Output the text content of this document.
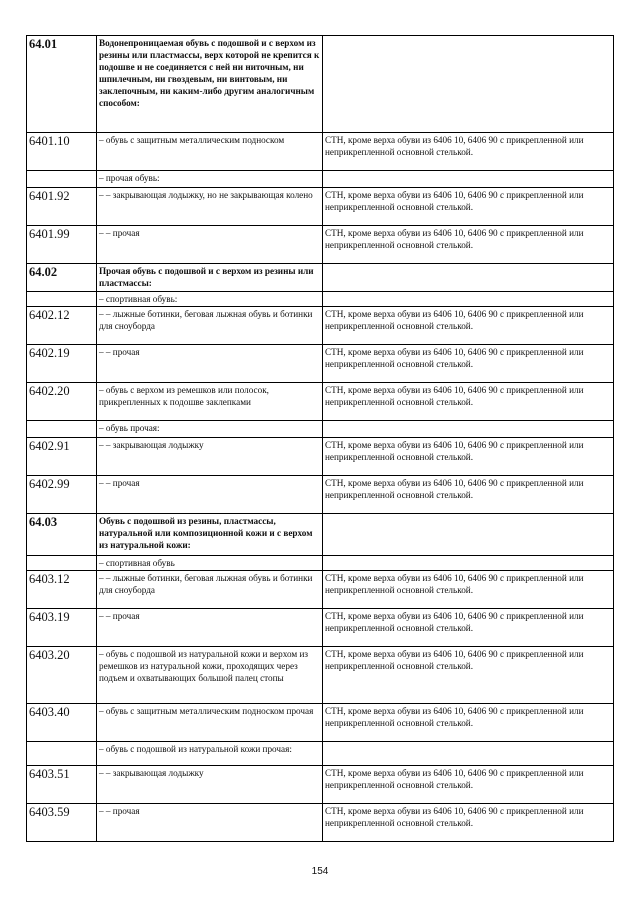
64.01	Водонепроницаемая обувь с подошвой и с верхом из резины или пластмассы, верх которой не крепится к подошве и не соединяется с ней ни ниточным, ни шпилечным, ни гвоздевым, ни винтовым, ни заклепочным, ни каким-либо другим аналогичным способом:	
6401.10	– обувь с защитным металлическим подноском	СТН, кроме верха обуви из 6406 10, 6406 90 с прикрепленной или неприкрепленной основной стелькой.
	– прочая обувь:	
6401.92	– – закрывающая лодыжку, но не закрывающая колено	СТН, кроме верха обуви из 6406 10, 6406 90 с прикрепленной или неприкрепленной основной стелькой.
6401.99	– – прочая	СТН, кроме верха обуви из 6406 10, 6406 90 с прикрепленной или неприкрепленной основной стелькой.
64.02	Прочая обувь с подошвой и с верхом из резины или пластмассы:	
	– спортивная обувь:	
6402.12	– – лыжные ботинки, беговая лыжная обувь и ботинки для сноуборда	СТН, кроме верха обуви из 6406 10, 6406 90 с прикрепленной или неприкрепленной основной стелькой.
6402.19	– – прочая	СТН, кроме верха обуви из 6406 10, 6406 90 с прикрепленной или неприкрепленной основной стелькой.
6402.20	– обувь с верхом из ремешков или полосок, прикрепленных к подошве заклепками	СТН, кроме верха обуви из 6406 10, 6406 90 с прикрепленной или неприкрепленной основной стелькой.
	– обувь прочая:	
6402.91	– – закрывающая лодыжку	СТН, кроме верха обуви из 6406 10, 6406 90 с прикрепленной или неприкрепленной основной стелькой.
6402.99	– – прочая	СТН, кроме верха обуви из 6406 10, 6406 90 с прикрепленной или неприкрепленной основной стелькой.
64.03	Обувь с подошвой из резины, пластмассы, натуральной или композиционной кожи и с верхом из натуральной кожи:	
	– спортивная обувь	
6403.12	– – лыжные ботинки, беговая лыжная обувь и ботинки для сноуборда	СТН, кроме верха обуви из 6406 10, 6406 90 с прикрепленной или неприкрепленной основной стелькой.
6403.19	– – прочая	СТН, кроме верха обуви из 6406 10, 6406 90 с прикрепленной или неприкрепленной основной стелькой.
6403.20	– обувь с подошвой из натуральной кожи и верхом из ремешков из натуральной кожи, проходящих через подъем и охватывающих большой палец стопы	СТН, кроме верха обуви из 6406 10, 6406 90 с прикрепленной или неприкрепленной основной стелькой.
6403.40	– обувь с защитным металлическим подноском прочая	СТН, кроме верха обуви из 6406 10, 6406 90 с прикрепленной или неприкрепленной основной стелькой.
	– обувь с подошвой из натуральной кожи прочая:	
6403.51	– – закрывающая лодыжку	СТН, кроме верха обуви из 6406 10, 6406 90 с прикрепленной или неприкрепленной основной стелькой.
6403.59	– – прочая	СТН, кроме верха обуви из 6406 10, 6406 90 с прикрепленной или неприкрепленной основной стелькой.
154
